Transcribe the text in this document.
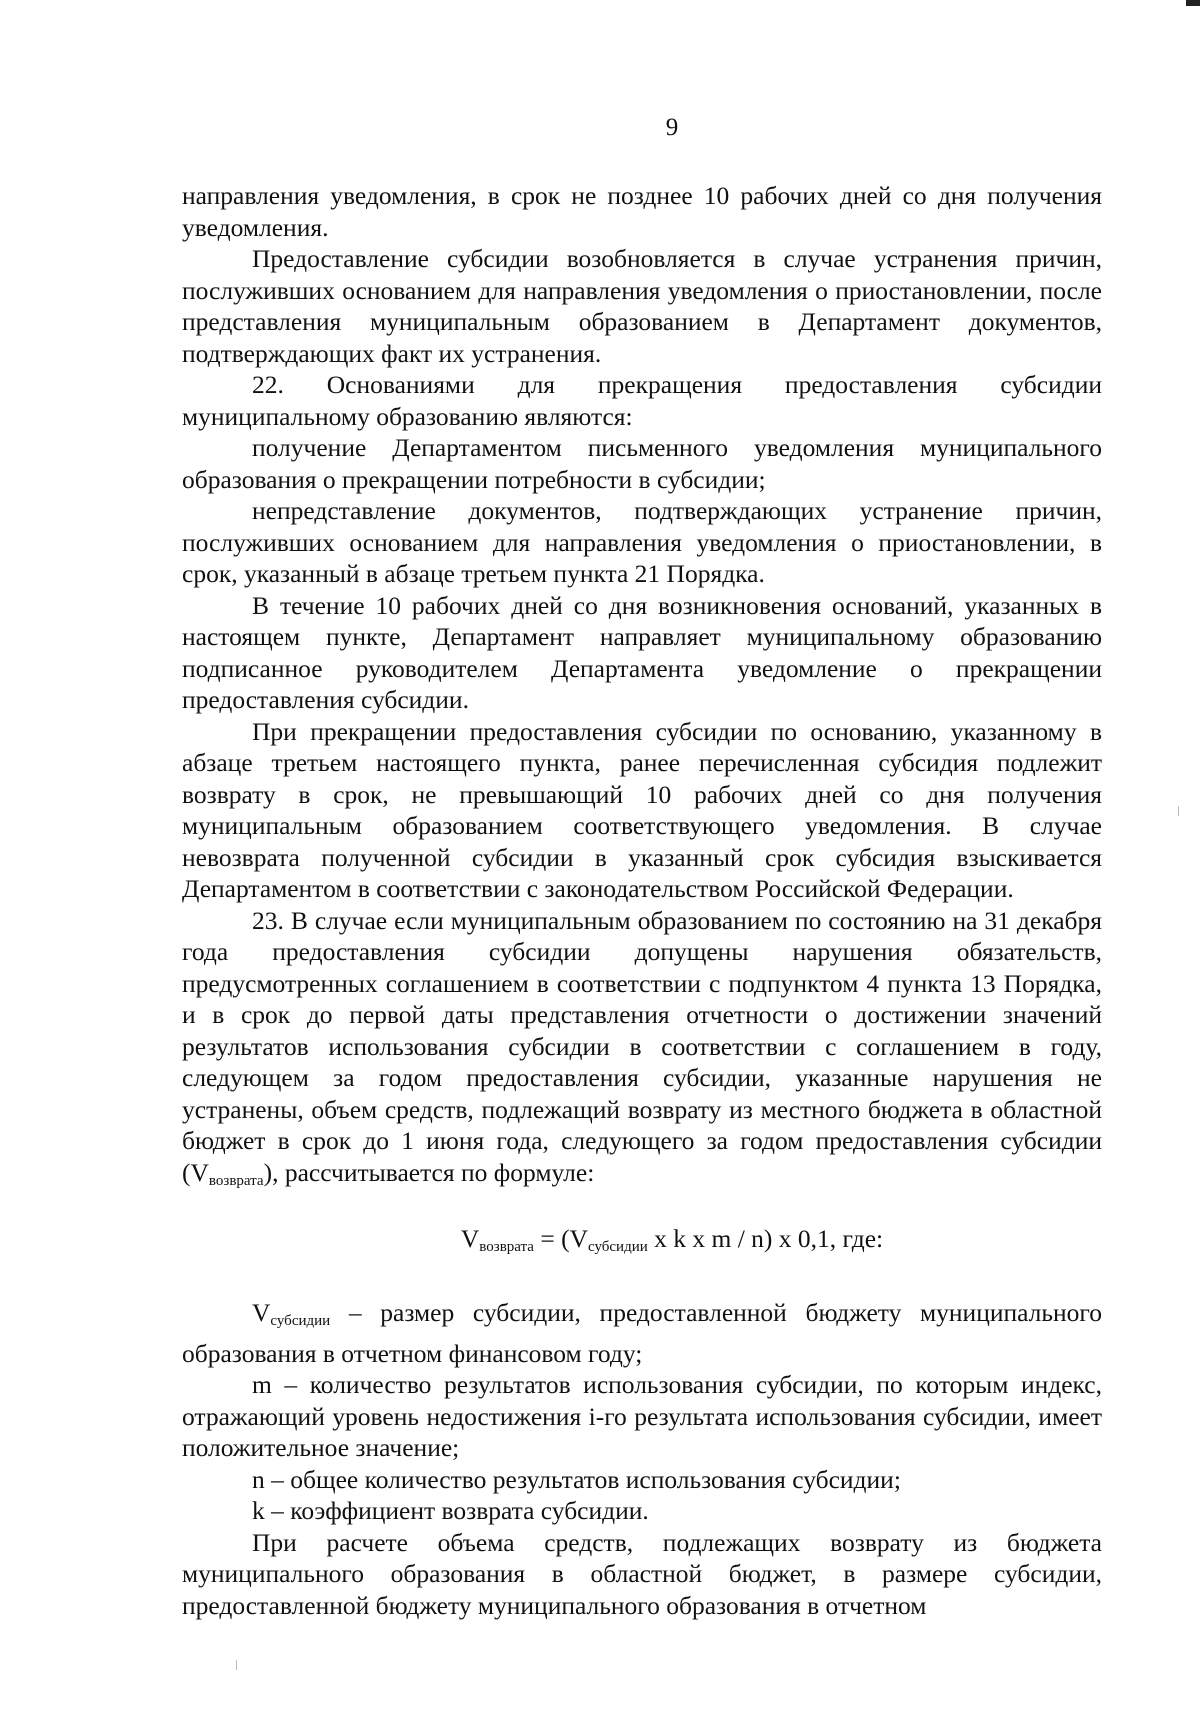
9

направления уведомления, в срок не позднее 10 рабочих дней со дня получения уведомления.

Предоставление субсидии возобновляется в случае устранения причин, послуживших основанием для направления уведомления о приостановлении, после представления муниципальным образованием в Департамент документов, подтверждающих факт их устранения.

22. Основаниями для прекращения предоставления субсидии муниципальному образованию являются:

получение Департаментом письменного уведомления муниципального образования о прекращении потребности в субсидии;

непредставление документов, подтверждающих устранение причин, послуживших основанием для направления уведомления о приостановлении, в срок, указанный в абзаце третьем пункта 21 Порядка.

В течение 10 рабочих дней со дня возникновения оснований, указанных в настоящем пункте, Департамент направляет муниципальному образованию подписанное руководителем Департамента уведомление о прекращении предоставления субсидии.

При прекращении предоставления субсидии по основанию, указанному в абзаце третьем настоящего пункта, ранее перечисленная субсидия подлежит возврату в срок, не превышающий 10 рабочих дней со дня получения муниципальным образованием соответствующего уведомления. В случае невозврата полученной субсидии в указанный срок субсидия взыскивается Департаментом в соответствии с законодательством Российской Федерации.

23. В случае если муниципальным образованием по состоянию на 31 декабря года предоставления субсидии допущены нарушения обязательств, предусмотренных соглашением в соответствии с подпунктом 4 пункта 13 Порядка, и в срок до первой даты представления отчетности о достижении значений результатов использования субсидии в соответствии с соглашением в году, следующем за годом предоставления субсидии, указанные нарушения не устранены, объем средств, подлежащий возврату из местного бюджета в областной бюджет в срок до 1 июня года, следующего за годом предоставления субсидии $(V_{возврата})$, рассчитывается по формуле:

$V_{возврата} = (V_{субсидии}$ x k x m / n) x 0,1, где:

$V_{субсидии}$ – размер субсидии, предоставленной бюджету муниципального образования в отчетном финансовом году;

m – количество результатов использования субсидии, по которым индекс, отражающий уровень недостижения i-го результата использования субсидии, имеет положительное значение;

n – общее количество результатов использования субсидии;

k – коэффициент возврата субсидии.

При расчете объема средств, подлежащих возврату из бюджета муниципального образования в областной бюджет, в размере субсидии, предоставленной бюджету муниципального образования в отчетном
